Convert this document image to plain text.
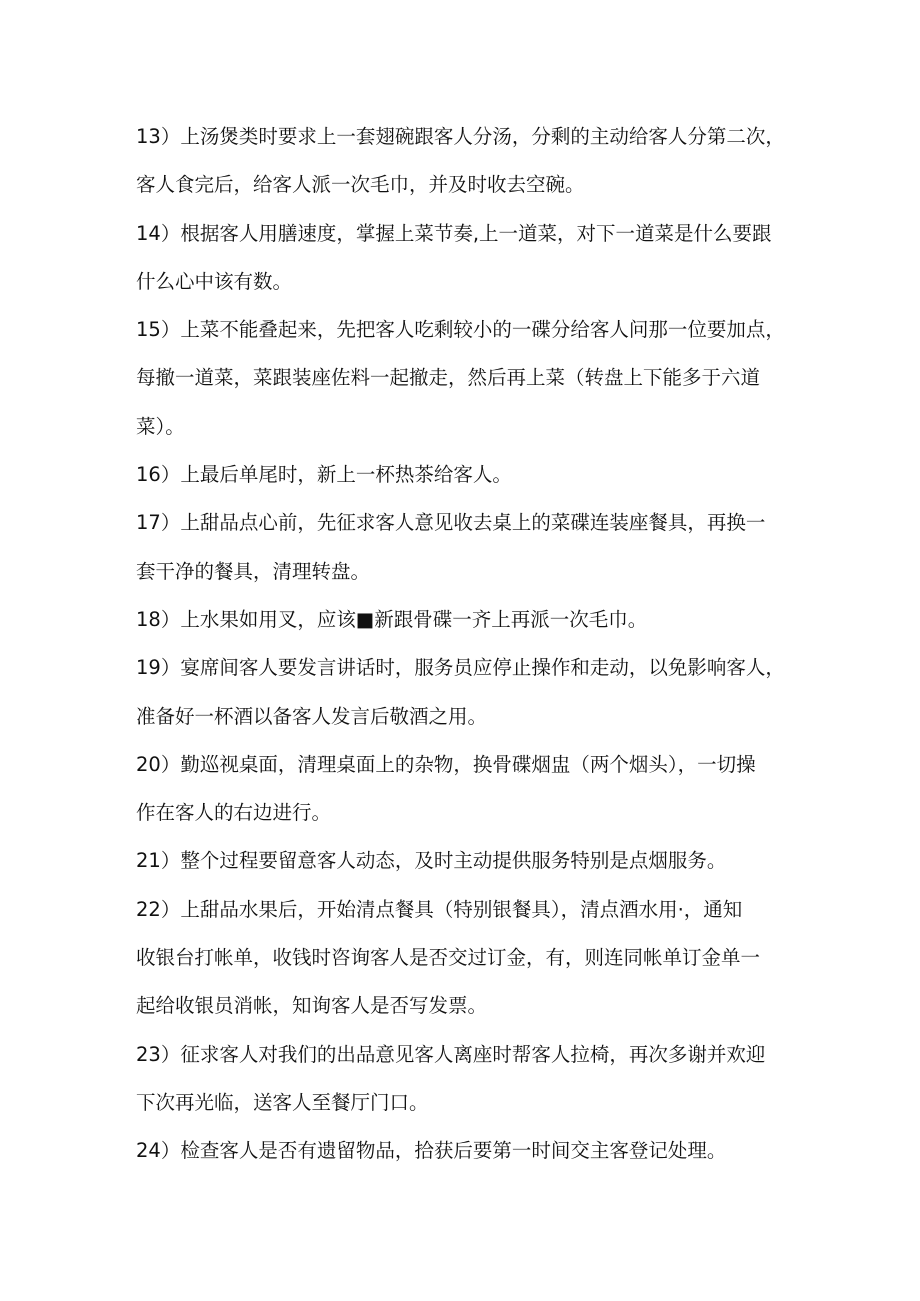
13）上汤煲类时要求上一套翅碗跟客人分汤，分剩的主动给客人分第二次，
客人食完后，给客人派一次毛巾，并及时收去空碗。
14）根据客人用膳速度，掌握上菜节奏,上一道菜，对下一道菜是什么要跟
什么心中该有数。
15）上菜不能叠起来，先把客人吃剩较小的一碟分给客人问那一位要加点，
每撤一道菜，菜跟装座佐料一起撤走，然后再上菜（转盘上下能多于六道
菜）。
16）上最后单尾时，新上一杯热茶给客人。
17）上甜品点心前，先征求客人意见收去桌上的菜碟连装座餐具，再换一
套干净的餐具，清理转盘。
18）上水果如用叉，应该■新跟骨碟一齐上再派一次毛巾。
19）宴席间客人要发言讲话时，服务员应停止操作和走动，以免影响客人，
准备好一杯酒以备客人发言后敬酒之用。
20）勤巡视桌面，清理桌面上的杂物，换骨碟烟盅（两个烟头），一切操
作在客人的右边进行。
21）整个过程要留意客人动态，及时主动提供服务特别是点烟服务。
22）上甜品水果后，开始清点餐具（特别银餐具），清点酒水用·，通知
收银台打帐单，收钱时咨询客人是否交过订金，有，则连同帐单订金单一
起给收银员消帐，知询客人是否写发票。
23）征求客人对我们的出品意见客人离座时帮客人拉椅，再次多谢并欢迎
下次再光临，送客人至餐厅门口。
24）检查客人是否有遗留物品，拾获后要第一时间交主客登记处理。
